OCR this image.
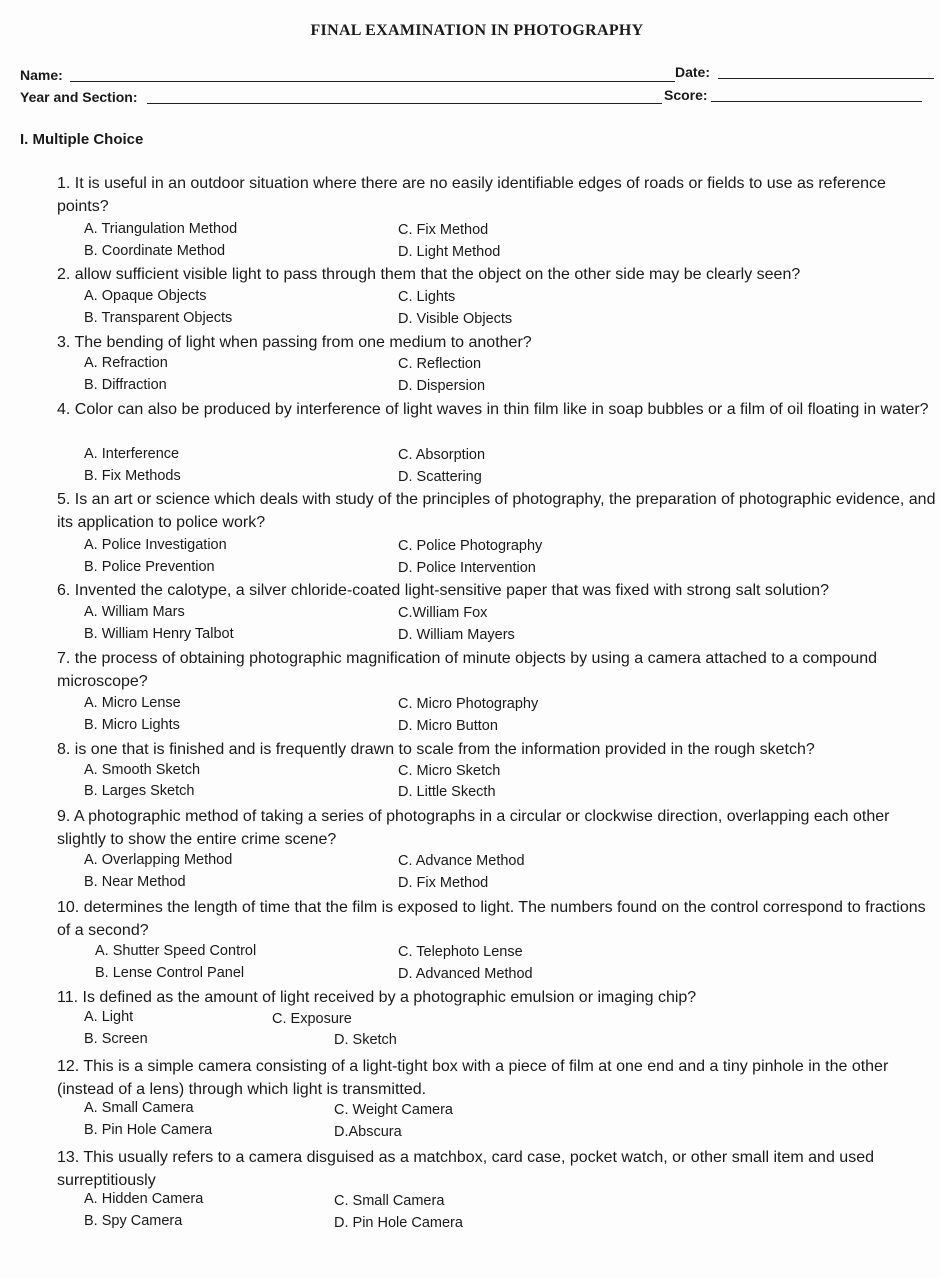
FINAL EXAMINATION IN PHOTOGRAPHY
Name:	Date:
Year and Section:	Score:
I. Multiple Choice
1. It is useful in an outdoor situation where there are no easily identifiable edges of roads or fields to use as reference points?
A. Triangulation Method
B. Coordinate Method
C. Fix Method
D. Light Method
2. allow sufficient visible light to pass through them that the object on the other side may be clearly seen?
A. Opaque Objects
B. Transparent Objects
C. Lights
D. Visible Objects
3. The bending of light when passing from one medium to another?
A. Refraction
B. Diffraction
C. Reflection
D. Dispersion
4. Color can also be produced by interference of light waves in thin film like in soap bubbles or a film of oil floating in water?
A. Interference
B. Fix Methods
C. Absorption
D. Scattering
5. Is an art or science which deals with study of the principles of photography, the preparation of photographic evidence, and its application to police work?
A. Police Investigation
B. Police Prevention
C. Police Photography
D. Police Intervention
6. Invented the calotype, a silver chloride-coated light-sensitive paper that was fixed with strong salt solution?
A. William Mars
B. William Henry Talbot
C.William Fox
D. William Mayers
7. the process of obtaining photographic magnification of minute objects by using a camera attached to a compound microscope?
A. Micro Lense
B. Micro Lights
C. Micro Photography
D. Micro Button
8. is one that is finished and is frequently drawn to scale from the information provided in the rough sketch?
A. Smooth Sketch
B. Larges Sketch
C. Micro Sketch
D. Little Skecth
9. A photographic method of taking a series of photographs in a circular or clockwise direction, overlapping each other slightly to show the entire crime scene?
A. Overlapping Method
B. Near Method
C. Advance Method
D. Fix Method
10. determines the length of time that the film is exposed to light. The numbers found on the control correspond to fractions of a second?
A. Shutter Speed Control
B. Lense Control Panel
C. Telephoto Lense
D. Advanced Method
11. Is defined as the amount of light received by a photographic emulsion or imaging chip?
A. Light
B. Screen
C. Exposure
D. Sketch
12. This is a simple camera consisting of a light-tight box with a piece of film at one end and a tiny pinhole in the other (instead of a lens) through which light is transmitted.
A. Small Camera
B. Pin Hole Camera
C. Weight Camera
D.Abscura
13. This usually refers to a camera disguised as a matchbox, card case, pocket watch, or other small item and used surreptitiously
A. Hidden Camera
B. Spy Camera
C. Small Camera
D. Pin Hole Camera
